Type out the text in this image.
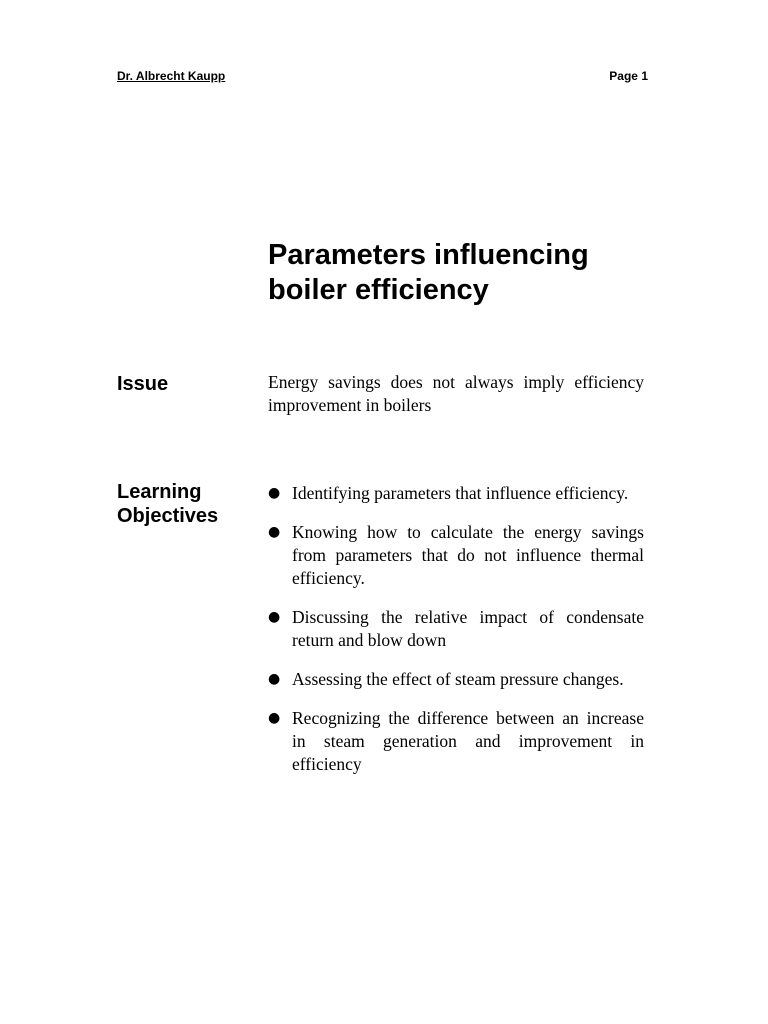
Dr. Albrecht Kaupp	Page 1
Parameters influencing boiler efficiency
Issue	Energy savings does not always imply efficiency improvement in boilers

Learning Objectives
● Identifying parameters that influence efficiency.
● Knowing how to calculate the energy savings from parameters that do not influence thermal efficiency.
● Discussing the relative impact of condensate return and blow down
● Assessing the effect of steam pressure changes.
● Recognizing the difference between an increase in steam generation and improvement in efficiency
